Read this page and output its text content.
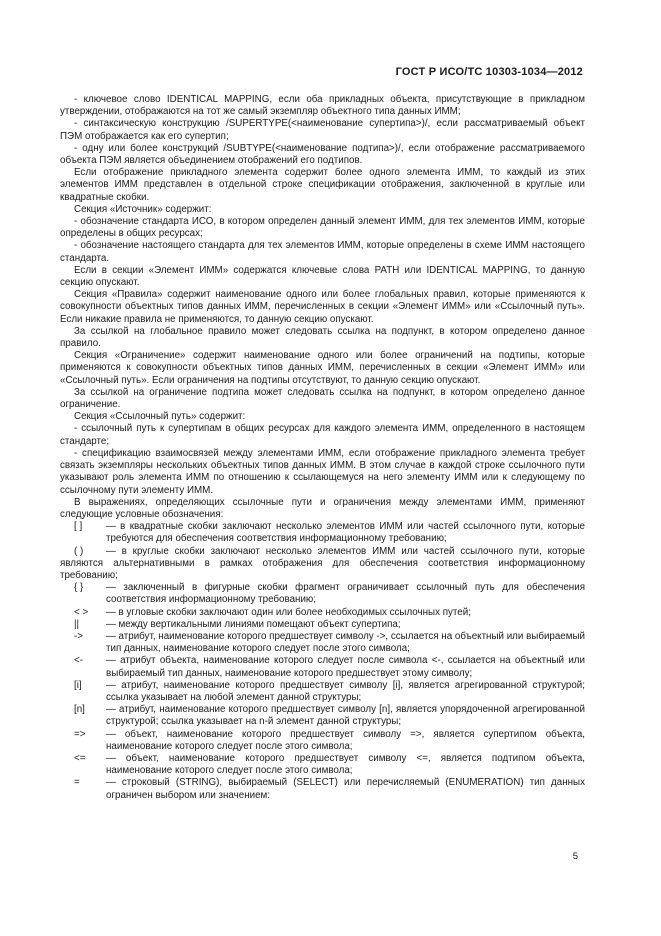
ГОСТ Р ИСО/ТС 10303-1034—2012

- ключевое слово IDENTICAL MAPPING, если оба прикладных объекта, присутствующие в прикладном утверждении, отображаются на тот же самый экземпляр объектного типа данных ИММ;

- синтаксическую конструкцию /SUPERTYPE(<наименование супертипа>)/, если рассматриваемый объект ПЭМ отображается как его супертип;

- одну или более конструкций /SUBTYPE(<наименование подтипа>)/, если отображение рассматриваемого объекта ПЭМ является объединением отображений его подтипов.

Если отображение прикладного элемента содержит более одного элемента ИММ, то каждый из этих элементов ИММ представлен в отдельной строке спецификации отображения, заключенной в круглые или квадратные скобки.

Секция «Источник» содержит:

- обозначение стандарта ИСО, в котором определен данный элемент ИММ, для тех элементов ИММ, которые определены в общих ресурсах;

- обозначение настоящего стандарта для тех элементов ИММ, которые определены в схеме ИММ настоящего стандарта.

Если в секции «Элемент ИММ» содержатся ключевые слова PATH или IDENTICAL MAPPING, то данную секцию опускают.

Секция «Правила» содержит наименование одного или более глобальных правил, которые применяются к совокупности объектных типов данных ИММ, перечисленных в секции «Элемент ИММ» или «Ссылочный путь». Если никакие правила не применяются, то данную секцию опускают.

За ссылкой на глобальное правило может следовать ссылка на подпункт, в котором определено данное правило.

Секция «Ограничение» содержит наименование одного или более ограничений на подтипы, которые применяются к совокупности объектных типов данных ИММ, перечисленных в секции «Элемент ИММ» или «Ссылочный путь». Если ограничения на подтипы отсутствуют, то данную секцию опускают.

За ссылкой на ограничение подтипа может следовать ссылка на подпункт, в котором определено данное ограничение.

Секция «Ссылочный путь» содержит:

- ссылочный путь к супертипам в общих ресурсах для каждого элемента ИММ, определенного в настоящем стандарте;

- спецификацию взаимосвязей между элементами ИММ, если отображение прикладного элемента требует связать экземпляры нескольких объектных типов данных ИММ. В этом случае в каждой строке ссылочного пути указывают роль элемента ИММ по отношению к ссылающемуся на него элементу ИММ или к следующему по ссылочному пути элементу ИММ.

В выражениях, определяющих ссылочные пути и ограничения между элементами ИММ, применяют следующие условные обозначения:

[ ]	— в квадратные скобки заключают несколько элементов ИММ или частей ссылочного пути, которые требуются для обеспечения соответствия информационному требованию;
( )	— в круглые скобки заключают несколько элементов ИММ или частей ссылочного пути, которые являются альтернативными в рамках отображения для обеспечения соответствия информационному требованию;
{ }	— заключенный в фигурные скобки фрагмент ограничивает ссылочный путь для обеспечения соответствия информационному требованию;
< >	— в угловые скобки заключают один или более необходимых ссылочных путей;
||	— между вертикальными линиями помещают объект супертипа;
->	— атрибут, наименование которого предшествует символу ->, ссылается на объектный или выбираемый тип данных, наименование которого следует после этого символа;
<-	— атрибут объекта, наименование которого следует после символа <-, ссылается на объектный или выбираемый тип данных, наименование которого предшествует этому символу;
[i]	— атрибут, наименование которого предшествует символу [i], является агрегированной структурой; ссылка указывает на любой элемент данной структуры;
[n]	— атрибут, наименование которого предшествует символу [n], является упорядоченной агрегированной структурой; ссылка указывает на n-й элемент данной структуры;
=>	— объект, наименование которого предшествует символу =>, является супертипом объекта, наименование которого следует после этого символа;
<=	— объект, наименование которого предшествует символу <=, является подтипом объекта, наименование которого следует после этого символа;
=	— строковый (STRING), выбираемый (SELECT) или перечисляемый (ENUMERATION) тип данных ограничен выбором или значением:
5
